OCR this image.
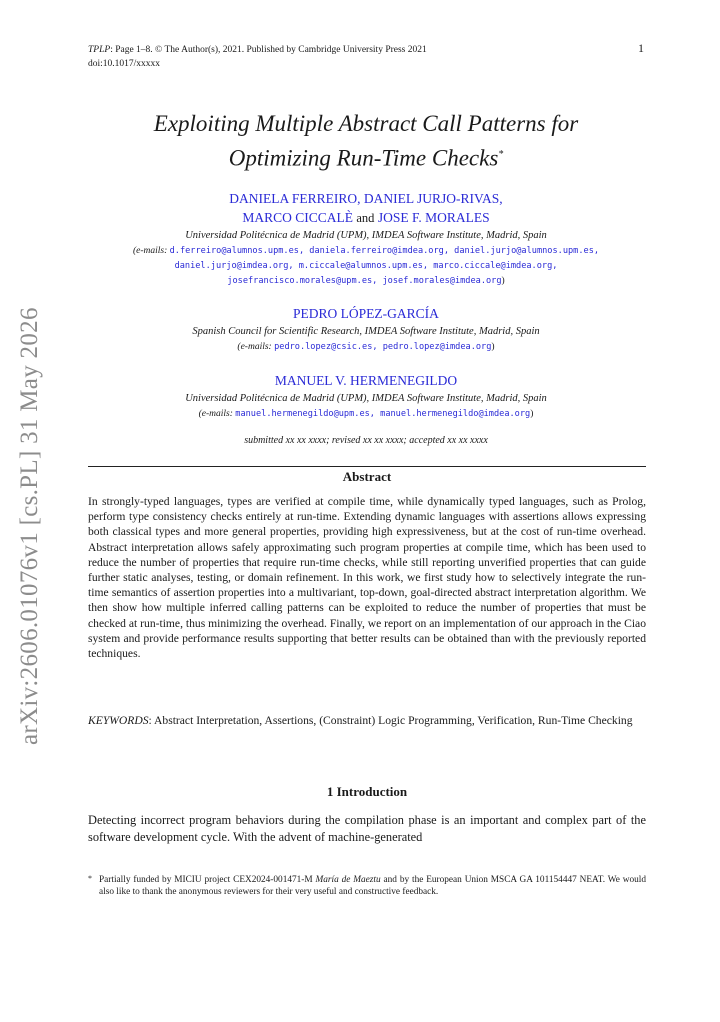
TPLP: Page 1–8. © The Author(s), 2021. Published by Cambridge University Press 2021
doi:10.1017/xxxxx
1
arXiv:2606.01076v1 [cs.PL] 31 May 2026
Exploiting Multiple Abstract Call Patterns for
Optimizing Run-Time Checks*
DANIELA FERREIRO, DANIEL JURJO-RIVAS,
MARCO CICCALÈ and JOSE F. MORALES
Universidad Politécnica de Madrid (UPM), IMDEA Software Institute, Madrid, Spain
(e-mails: d.ferreiro@alumnos.upm.es, daniela.ferreiro@imdea.org, daniel.jurjo@alumnos.upm.es,
daniel.jurjo@imdea.org, m.ciccale@alumnos.upm.es, marco.ciccale@imdea.org,
josefrancisco.morales@upm.es, josef.morales@imdea.org)
PEDRO LÓPEZ-GARCÍA
Spanish Council for Scientific Research, IMDEA Software Institute, Madrid, Spain
(e-mails: pedro.lopez@csic.es, pedro.lopez@imdea.org)
MANUEL V. HERMENEGILDO
Universidad Politécnica de Madrid (UPM), IMDEA Software Institute, Madrid, Spain
(e-mails: manuel.hermenegildo@upm.es, manuel.hermenegildo@imdea.org)
submitted xx xx xxxx; revised xx xx xxxx; accepted xx xx xxxx
Abstract
In strongly-typed languages, types are verified at compile time, while dynamically typed languages, such as Prolog, perform type consistency checks entirely at run-time. Extending dynamic languages with assertions allows expressing both classical types and more general properties, providing high expressiveness, but at the cost of run-time overhead. Abstract interpretation allows safely approximating such program properties at compile time, which has been used to reduce the number of properties that require run-time checks, while still reporting unverified properties that can guide further static analyses, testing, or domain refinement. In this work, we first study how to selectively integrate the run-time semantics of assertion properties into a multivariant, top-down, goal-directed abstract interpretation algorithm. We then show how multiple inferred calling patterns can be exploited to reduce the number of properties that must be checked at run-time, thus minimizing the overhead. Finally, we report on an implementation of our approach in the Ciao system and provide performance results supporting that better results can be obtained than with the previously reported techniques.
KEYWORDS: Abstract Interpretation, Assertions, (Constraint) Logic Programming, Verification, Run-Time Checking
1 Introduction
Detecting incorrect program behaviors during the compilation phase is an important and complex part of the software development cycle. With the advent of machine-generated
* Partially funded by MICIU project CEX2024-001471-M María de Maeztu and by the European Union MSCA GA 101154447 NEAT. We would also like to thank the anonymous reviewers for their very useful and constructive feedback.
